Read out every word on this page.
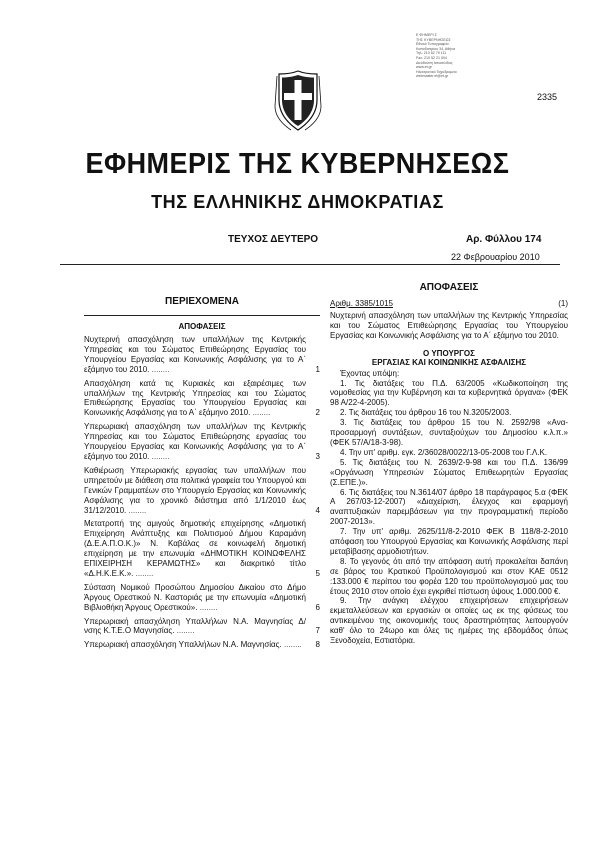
Ε ΦΗΜΕΡΙ Σ
ΤΗΣ ΚΥΒΕΡΝΗΣΕΩΣ
Εθνικό Τυπογραφείο
Καποδιστρίου 34, Αθήνα
Τηλ: 210 52 79 111
Fax: 210 52 21 004
Διεύθυνση Ιστοσελίδας
www.et.gr
Ηλεκτρονικό Ταχυδρομείο
webmaster.et@et.gr
2335
ΕΦΗΜΕΡΙΣ ΤΗΣ ΚΥΒΕΡΝΗΣΕΩΣ
ΤΗΣ ΕΛΛΗΝΙΚΗΣ ΔΗΜΟΚΡΑΤΙΑΣ
ΤΕΥΧΟΣ ΔΕΥΤΕΡΟ	Αρ. Φύλλου 174
22 Φεβρουαρίου 2010
ΠΕΡΙΕΧΟΜΕΝΑ
ΑΠΟΦΑΣΕΙΣ
Νυχτερινή απασχόληση των υπαλλήλων της Κεντρικής Υπηρεσίας και του Σώματος Επιθεώρησης Εργασίας του Υπουργείου Εργασίας και Κοινωνικής Ασφάλισης για το Α΄ εξάμηνο του 2010. ........	1
Απασχόληση κατά τις Κυριακές και εξαιρέσιμες των υπαλλήλων της Κεντρικής Υπηρεσίας και του Σώματος Επιθεώρησης Εργασίας του Υπουργείου Εργασίας και Κοινωνικής Ασφάλισης για το Α΄ εξάμηνο 2010. ........	2
Υπερωριακή απασχόληση των υπαλλήλων της Κεντρικής Υπηρεσίας και του Σώματος Επιθεώρησης εργασίας του Υπουργείου Εργασίας και Κοινωνικής Ασφάλισης για το Α΄ εξάμηνο του 2010. ........	3
Καθιέρωση Υπερωριακής εργασίας των υπαλλήλων που υπηρετούν με διάθεση στα πολιτικά γραφεία του Υπουργού και Γενικών Γραμματέων στο Υπουργείο Εργασίας και Κοινωνικής Ασφάλισης για το χρονικό διάστημα από 1/1/2010 έως 31/12/2010. ........	4
Μετατροπή της αμιγούς δημοτικής επιχείρησης «Δημοτική Επιχείρηση Ανάπτυξης και Πολιτισμού Δήμου Καραμάνη (Δ.Ε.Α.Π.Ο.Κ.)» Ν. Καβάλας σε κοινωφελή δημοτική επιχείρηση με την επωνυμία «ΔΗΜΟΤΙΚΗ ΚΟΙΝΩΦΕΛΗΣ ΕΠΙΧΕΙΡΗΣΗ ΚΕΡΑΜΩΤΗΣ» και διακριτικό τίτλο «Δ.Η.Κ.Ε.Κ.». ........	5
Σύσταση Νομικού Προσώπου Δημοσίου Δικαίου στο Δήμο Άργους Ορεστικού Ν. Καστοριάς με την επωνυμία «Δημοτική Βιβλιοθήκη Άργους Ορεστικού». ........	6
Υπερωριακή απασχόληση Υπαλλήλων Ν.Α. Μαγνησίας Δ/νσης Κ.Τ.Ε.Ο Μαγνησίας. ........	7
Υπερωριακή απασχόληση Υπαλλήλων Ν.Α. Μαγνησίας. ........ 8
ΑΠΟΦΑΣΕΙΣ
Αριθμ. 3385/1015	(1)
Νυχτερινή απασχόληση των υπαλλήλων της Κεντρικής Υπηρεσίας και του Σώματος Επιθεώρησης Εργασίας του Υπουργείου Εργασίας και Κοινωνικής Ασφάλισης για το Α΄ εξάμηνο του 2010.
Ο ΥΠΟΥΡΓΟΣ
ΕΡΓΑΣΙΑΣ ΚΑΙ ΚΟΙΝΩΝΙΚΗΣ ΑΣΦΑΛΙΣΗΣ
Έχοντας υπόψη:
1. Τις διατάξεις του Π.Δ. 63/2005 «Κωδικοποίηση της νομοθεσίας για την Κυβέρνηση και τα κυβερνητικά όργανα» (ΦΕΚ 98 Α/22-4-2005).
2. Τις διατάξεις του άρθρου 16 του Ν.3205/2003.
3. Τις διατάξεις του άρθρου 15 του Ν. 2592/98 «Ανα-προσαρμογή συντάξεων, συνταξιούχων του Δημοσίου κ.λ.π.» (ΦΕΚ 57/Α/18-3-98).
4. Την υπ' αριθμ. εγκ. 2/36028/0022/13-05-2008 του Γ.Λ.Κ.
5. Τις διατάξεις του Ν. 2639/2-9-98 και του Π.Δ. 136/99 «Οργάνωση Υπηρεσιών Σώματος Επιθεωρητών Εργασίας (Σ.ΕΠΕ.)».
6. Τις διατάξεις του Ν.3614/07 άρθρο 18 παράγραφος 5.α (ΦΕΚ Α 267/03-12-2007) «Διαχείριση, έλεγχος και εφαρμογή αναπτυξιακών παρεμβάσεων για την προγραμματική περίοδο 2007-2013».
7. Την υπ' αριθμ. 2625/11/8-2-2010 ΦΕΚ Β 118/8-2-2010 απόφαση του Υπουργού Εργασίας και Κοινωνικής Ασφάλισης περί μεταβίβασης αρμοδιοτήτων.
8. Το γεγονός ότι από την απόφαση αυτή προκαλείται δαπάνη σε βάρος του Κρατικού Προϋπολογισμού και στον ΚΑΕ 0512 :133.000 € περίπου του φορέα 120 του προϋπολογισμού μας του έτους 2010 στον οποίο έχει εγκριθεί πίστωση ύψους 1.000.000 €.
9. Την ανάγκη ελέγχου επιχειρήσεων επιχειρήσεων εκμεταλλεύσεων και εργασιών οι οποίες ως εκ της φύσεως του αντικειμένου της οικονομικής τους δραστηριότητας λειτουργούν καθ' όλο το 24ωρο και όλες τις ημέρες της εβδομάδος όπως Ξενοδοχεία, Εστιατόρια.
